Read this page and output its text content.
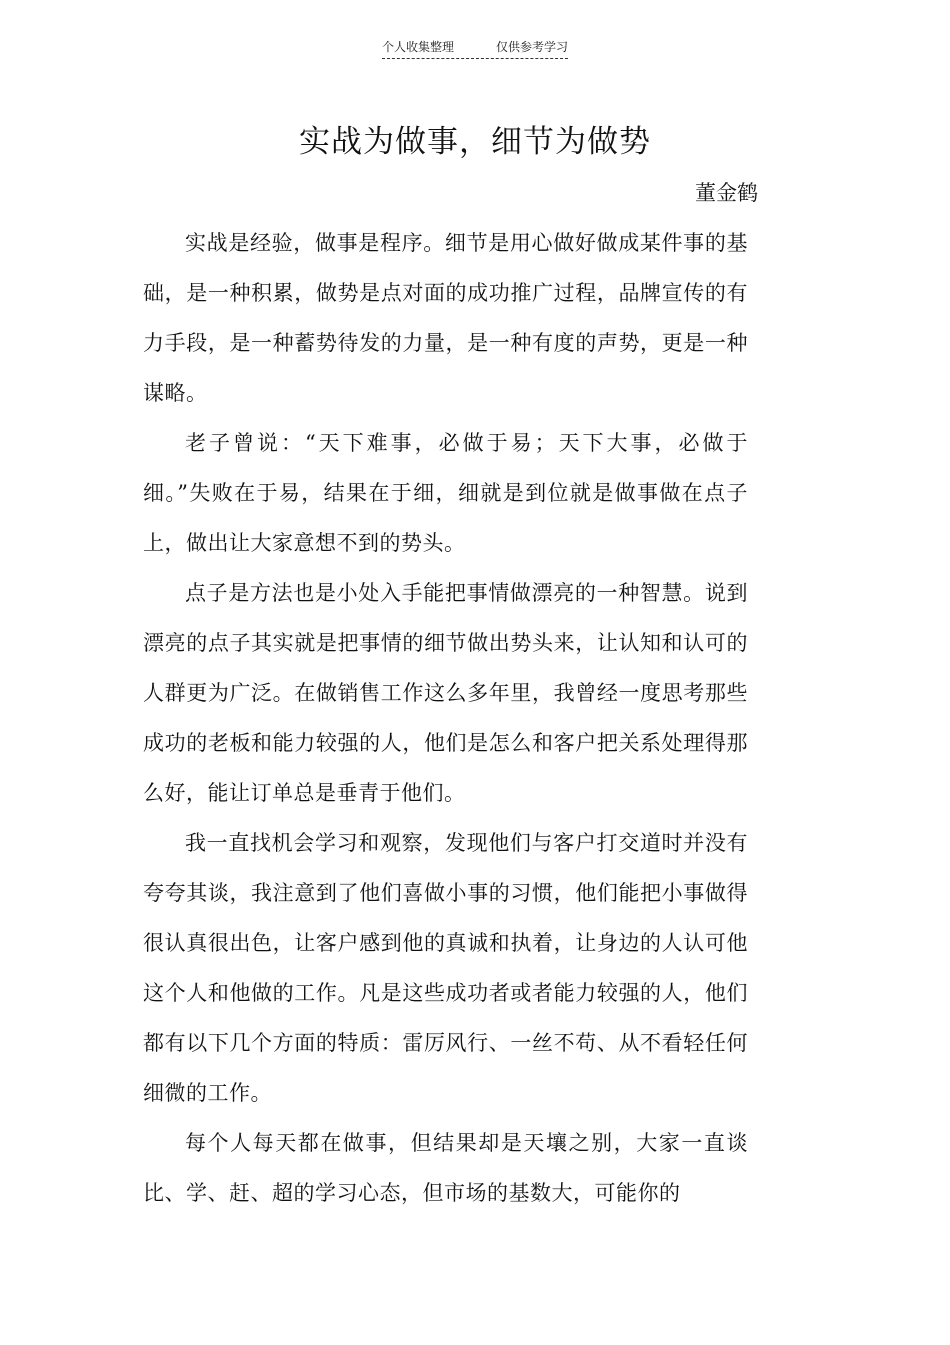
个人收集整理	仅供参考学习
实战为做事，细节为做势
董金鹤

实战是经验，做事是程序。细节是用心做好做成某件事的基础，是一种积累，做势是点对面的成功推广过程，品牌宣传的有力手段，是一种蓄势待发的力量，是一种有度的声势，更是一种谋略。

老子曾说：“天下难事，必做于易；天下大事，必做于细。”失败在于易，结果在于细，细就是到位就是做事做在点子上，做出让大家意想不到的势头。

点子是方法也是小处入手能把事情做漂亮的一种智慧。说到漂亮的点子其实就是把事情的细节做出势头来，让认知和认可的人群更为广泛。在做销售工作这么多年里，我曾经一度思考那些成功的老板和能力较强的人，他们是怎么和客户把关系处理得那么好，能让订单总是垂青于他们。

我一直找机会学习和观察，发现他们与客户打交道时并没有夸夸其谈，我注意到了他们喜做小事的习惯，他们能把小事做得很认真很出色，让客户感到他的真诚和执着，让身边的人认可他这个人和他做的工作。凡是这些成功者或者能力较强的人，他们都有以下几个方面的特质：雷厉风行、一丝不苟、从不看轻任何细微的工作。

每个人每天都在做事，但结果却是天壤之别，大家一直谈比、学、赶、超的学习心态，但市场的基数大，可能你的
